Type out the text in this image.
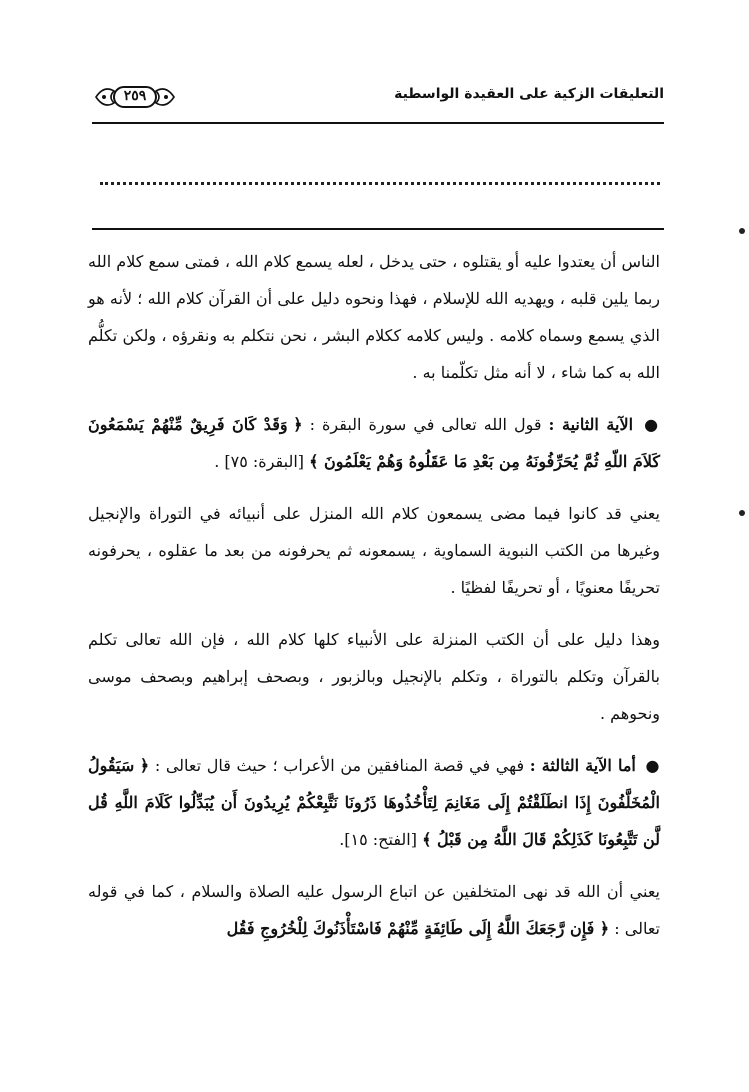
التعليقات الزكية على العقيدة الواسطية
٢٥٩

الناس أن يعتدوا عليه أو يقتلوه ، حتى يدخل ، لعله يسمع كلام الله ، فمتى سمع كلام الله ربما يلين قلبه ، ويهديه الله للإسلام ، فهذا ونحوه دليل على أن القرآن كلام الله ؛ لأنه هو الذي يسمع وسماه كلامه . وليس كلامه ككلام البشر ، نحن نتكلم به ونقرؤه ، ولكن تكلُّم الله به كما شاء ، لا أنه مثل تكلّمنا به .

● الآية الثانية : قول الله تعالى في سورة البقرة : ﴿ وَقَدْ كَانَ فَرِيقٌ مِّنْهُمْ يَسْمَعُونَ كَلاَمَ اللّهِ ثُمَّ يُحَرِّفُونَهُ مِن بَعْدِ مَا عَقَلُوهُ وَهُمْ يَعْلَمُونَ ﴾ [البقرة: ٧٥] .

يعني قد كانوا فيما مضى يسمعون كلام الله المنزل على أنبيائه في التوراة والإنجيل وغيرها من الكتب النبوية السماوية ، يسمعونه ثم يحرفونه من بعد ما عقلوه ، يحرفونه تحريفًا معنويًا ، أو تحريفًا لفظيًا .

وهذا دليل على أن الكتب المنزلة على الأنبياء كلها كلام الله ، فإن الله تعالى تكلم بالقرآن وتكلم بالتوراة ، وتكلم بالإنجيل وبالزبور ، وبصحف إبراهيم وبصحف موسى ونحوهم .

● أما الآية الثالثة : فهي في قصة المنافقين من الأعراب ؛ حيث قال تعالى : ﴿ سَيَقُولُ الْمُخَلَّفُونَ إِذَا انطَلَقْتُمْ إِلَى مَغَانِمَ لِتَأْخُذُوهَا ذَرُونَا نَتَّبِعْكُمْ يُرِيدُونَ أَن يُبَدِّلُوا كَلَامَ اللَّهِ قُل لَّن تَتَّبِعُونَا كَذَلِكُمْ قَالَ اللَّهُ مِن قَبْلُ ﴾ [الفتح: ١٥].

يعني أن الله قد نهى المتخلفين عن اتباع الرسول عليه الصلاة والسلام ، كما في قوله تعالى : ﴿ فَإِن رَّجَعَكَ اللَّهُ إِلَى طَائِفَةٍ مِّنْهُمْ فَاسْتَأْذَنُوكَ لِلْخُرُوجِ فَقُل
